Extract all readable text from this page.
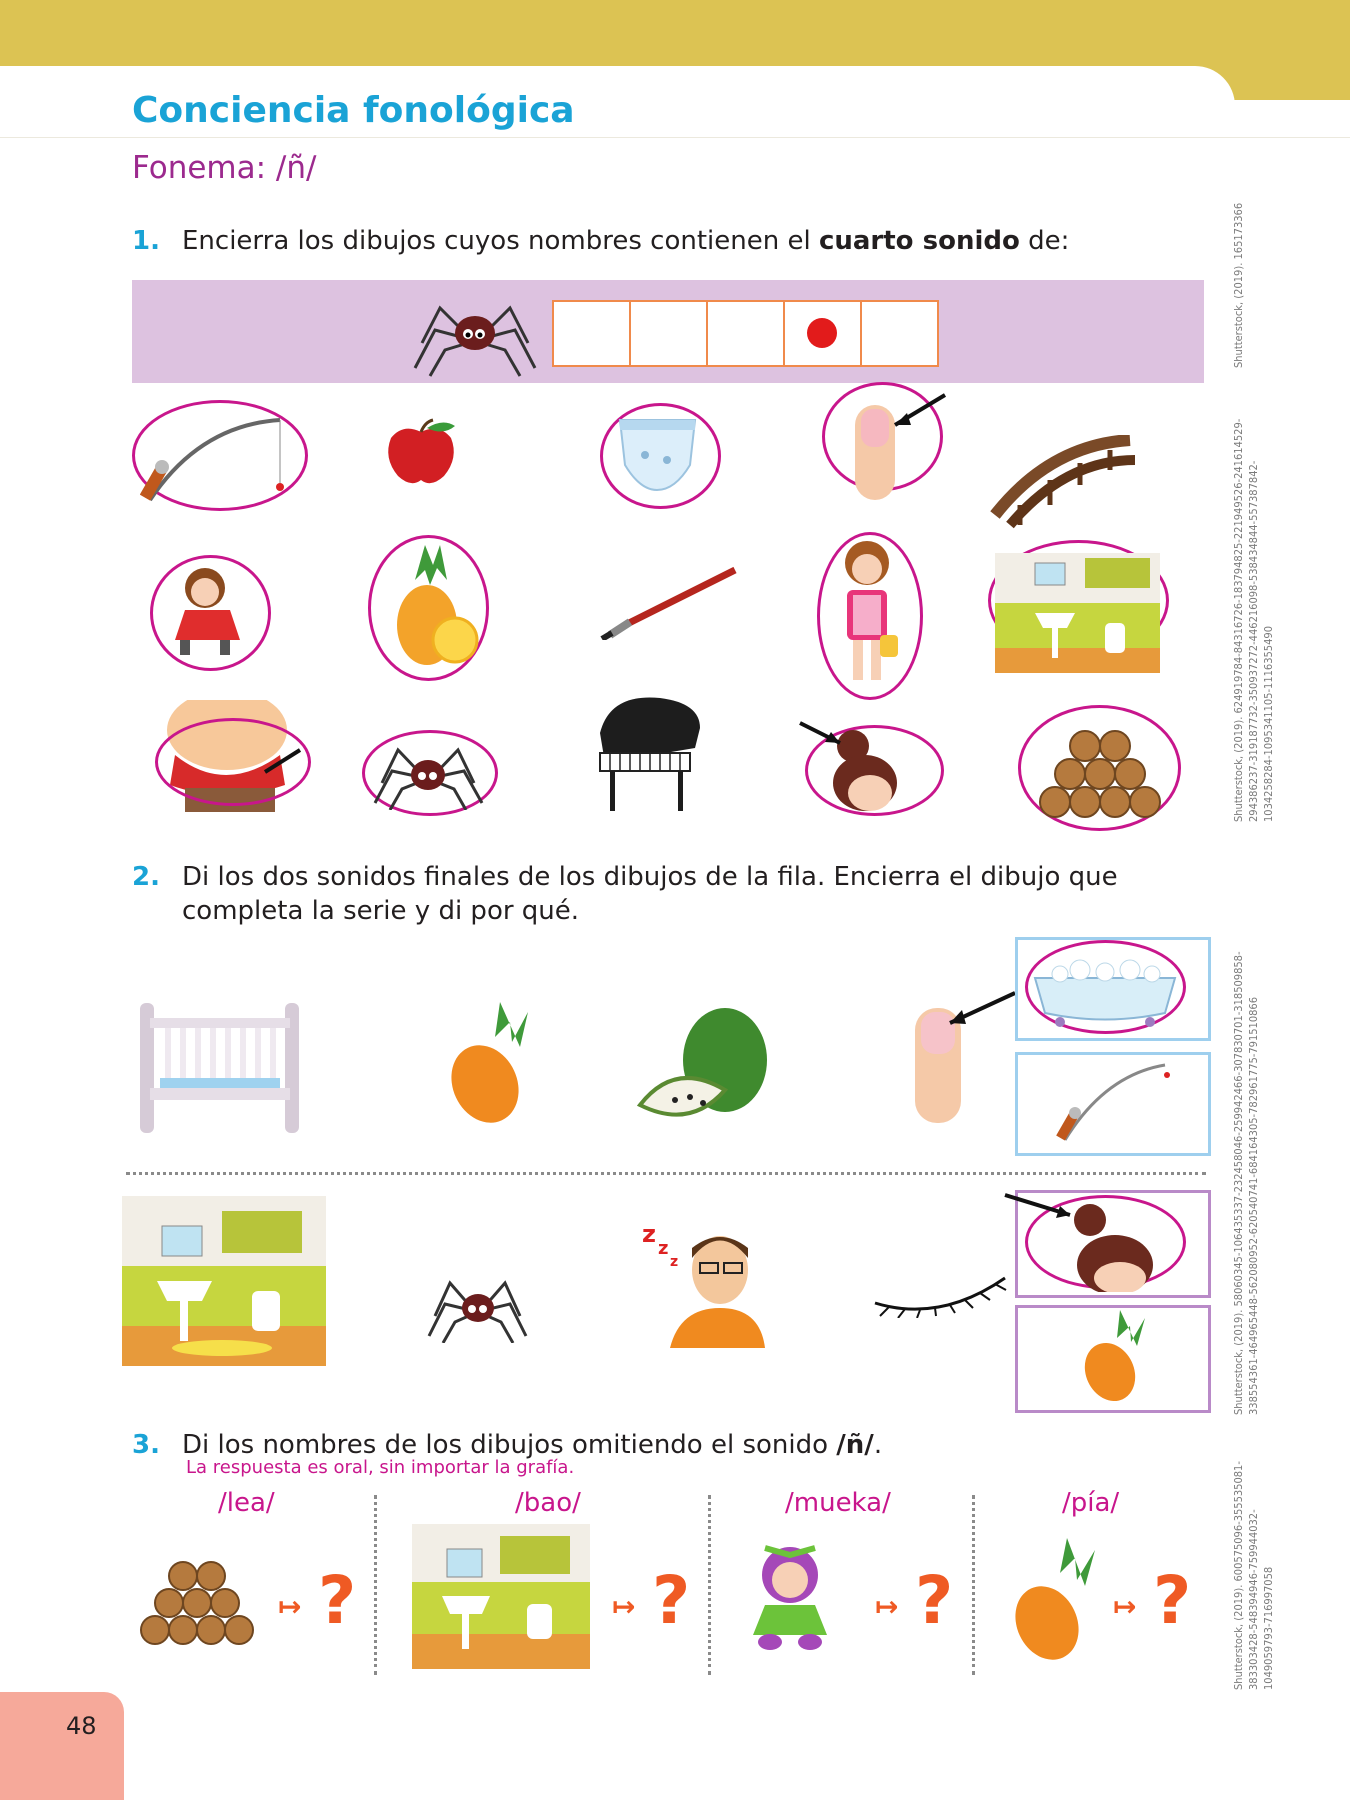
Conciencia fonológica
Fonema: /ñ/
1. Encierra los dibujos cuyos nombres contienen el cuarto sonido de:
2. Di los dos sonidos finales de los dibujos de la fila. Encierra el dibujo que
completa la serie y di por qué.
z
z
z
3. Di los nombres de los dibujos omitiendo el sonido /ñ/.
La respuesta es oral, sin importar la grafía.
/lea/	/bao/	/mueka/	/pía/
↦ ?	↦ ?	↦ ?	↦ ?
Shutterstock, (2019). 165173366
Shutterstock, (2019). 624919784-84316726-183794825-221949526-241614529- 294386237-319187732-350937272-446216098-538434844-557387842- 1034258284-1095341105-1116355490
Shutterstock, (2019). 58060345-106435337-232458046-259942466-307830701-318509858- 338554361-464965448-562080952-620540741-684164305-782961775-791510866
Shutterstock, (2019). 600575096-355535081- 383303428-548394946-759944032- 1049059793-716997058
48
